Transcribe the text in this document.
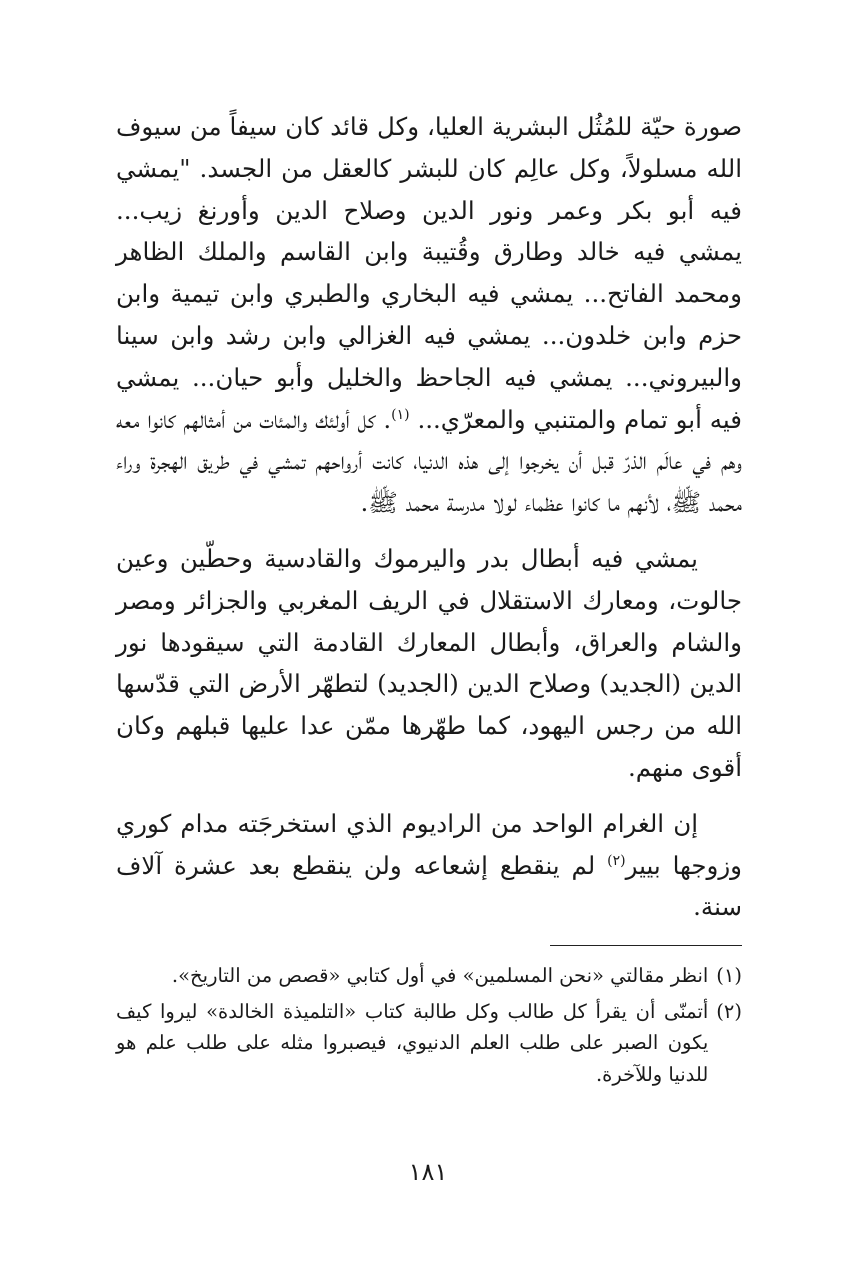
صورة حيّة للمُثُل البشرية العليا، وكل قائد كان سيفاً من سيوف الله مسلولاً، وكل عالِم كان للبشر كالعقل من الجسد. "يمشي فيه أبو بكر وعمر ونور الدين وصلاح الدين وأورنغ زيب... يمشي فيه خالد وطارق وقُتيبة وابن القاسم والملك الظاهر ومحمد الفاتح... يمشي فيه البخاري والطبري وابن تيمية وابن حزم وابن خلدون... يمشي فيه الغزالي وابن رشد وابن سينا والبيروني... يمشي فيه الجاحظ والخليل وأبو حيان... يمشي فيه أبو تمام والمتنبي والمعرّي... $^{(١)}$. كل أولئك والمئات من أمثالهم كانوا معه وهم في عالَم الذرّ قبل أن يخرجوا إلى هذه الدنيا، كانت أرواحهم تمشي في طريق الهجرة وراء محمد ﷺ، لأنهم ما كانوا عظماء لولا مدرسة محمد ﷺ.

يمشي فيه أبطال بدر واليرموك والقادسية وحطّين وعين جالوت، ومعارك الاستقلال في الريف المغربي والجزائر ومصر والشام والعراق، وأبطال المعارك القادمة التي سيقودها نور الدين (الجديد) وصلاح الدين (الجديد) لتطهّر الأرض التي قدّسها الله من رجس اليهود، كما طهّرها ممّن عدا عليها قبلهم وكان أقوى منهم.

إن الغرام الواحد من الراديوم الذي استخرجَته مدام كوري وزوجها بيير$^{(٢)}$ لم ينقطع إشعاعه ولن ينقطع بعد عشرة آلاف سنة.

(١)
انظر مقالتي «نحن المسلمين» في أول كتابي «قصص من التاريخ».
(٢)
أتمنّى أن يقرأ كل طالب وكل طالبة كتاب «التلميذة الخالدة» ليروا كيف يكون الصبر على طلب العلم الدنيوي، فيصبروا مثله على طلب علم هو للدنيا وللآخرة.
١٨١
